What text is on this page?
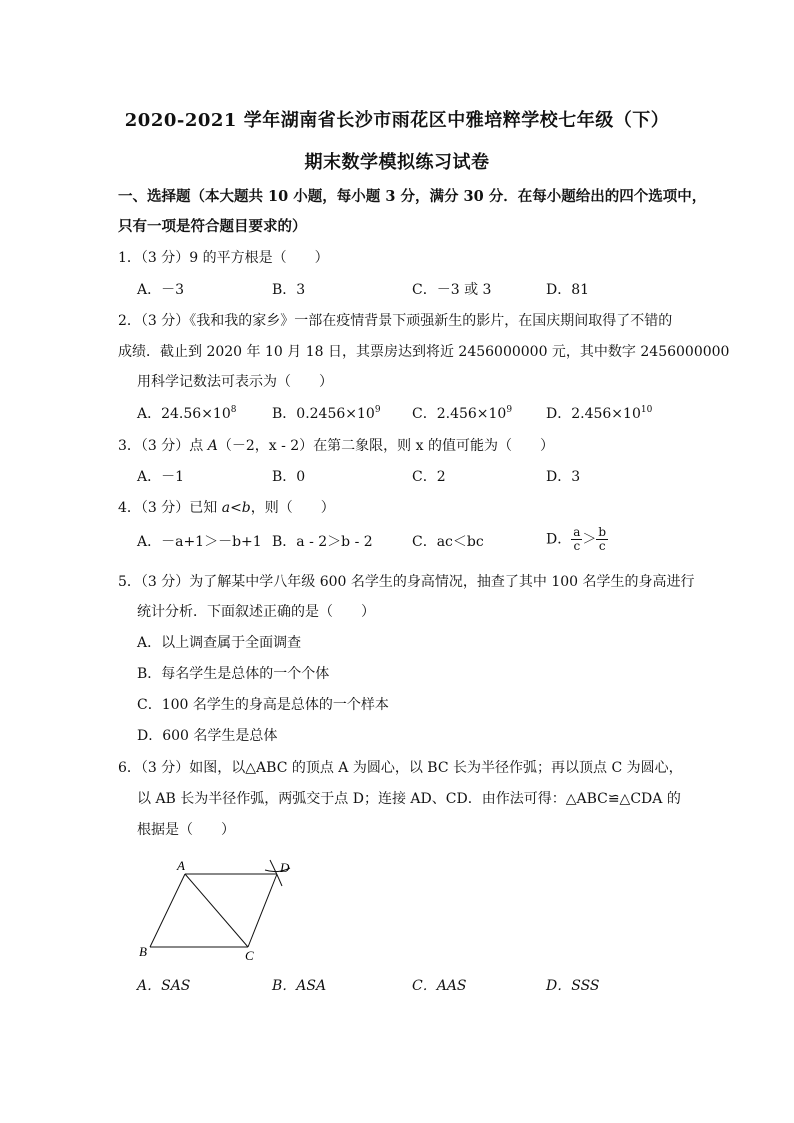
2020-2021 学年湖南省长沙市雨花区中雅培粹学校七年级（下）
期末数学模拟练习试卷
一、选择题（本大题共 10 小题，每小题 3 分，满分 30 分．在每小题给出的四个选项中，
只有一项是符合题目要求的）
1．（3 分）9 的平方根是（　　）
A．－3	B．3	C．－3 或 3	D．81
2．（3 分）《我和我的家乡》一部在疫情背景下顽强新生的影片，在国庆期间取得了不错的
成绩．截止到 2020 年 10 月 18 日，其票房达到将近 2456000000 元，其中数字 2456000000
用科学记数法可表示为（　　）
A．$24.56\times 10^8$	B．$0.2456\times 10^9$ C．$2.456\times 10^9$ D．$2.456\times 10^{10}$
3．（3 分）点 A（－2，x - 2）在第二象限，则 x 的值可能为（　　）
A．－1	B．0	C．2	D．3
4．（3 分）已知 a<b，则（　　）
A．－a+1＞－b+1 B．a - 2＞b - 2	C．ac＜bc	D． $\frac{a}{c} > \frac{b}{c}$
5．（3 分）为了解某中学八年级 600 名学生的身高情况，抽查了其中 100 名学生的身高进行
统计分析．下面叙述正确的是（　　）
A．以上调查属于全面调查
B．每名学生是总体的一个个体
C．100 名学生的身高是总体的一个样本
D．600 名学生是总体
6．（3 分）如图，以△ABC 的顶点 A 为圆心，以 BC 长为半径作弧；再以顶点 C 为圆心，
以 AB 长为半径作弧，两弧交于点 D；连接 AD、CD．由作法可得：△ABC≌△CDA 的
根据是（　　）
A
B	C
D
A．SAS	B．ASA	C．AAS	D．SSS
